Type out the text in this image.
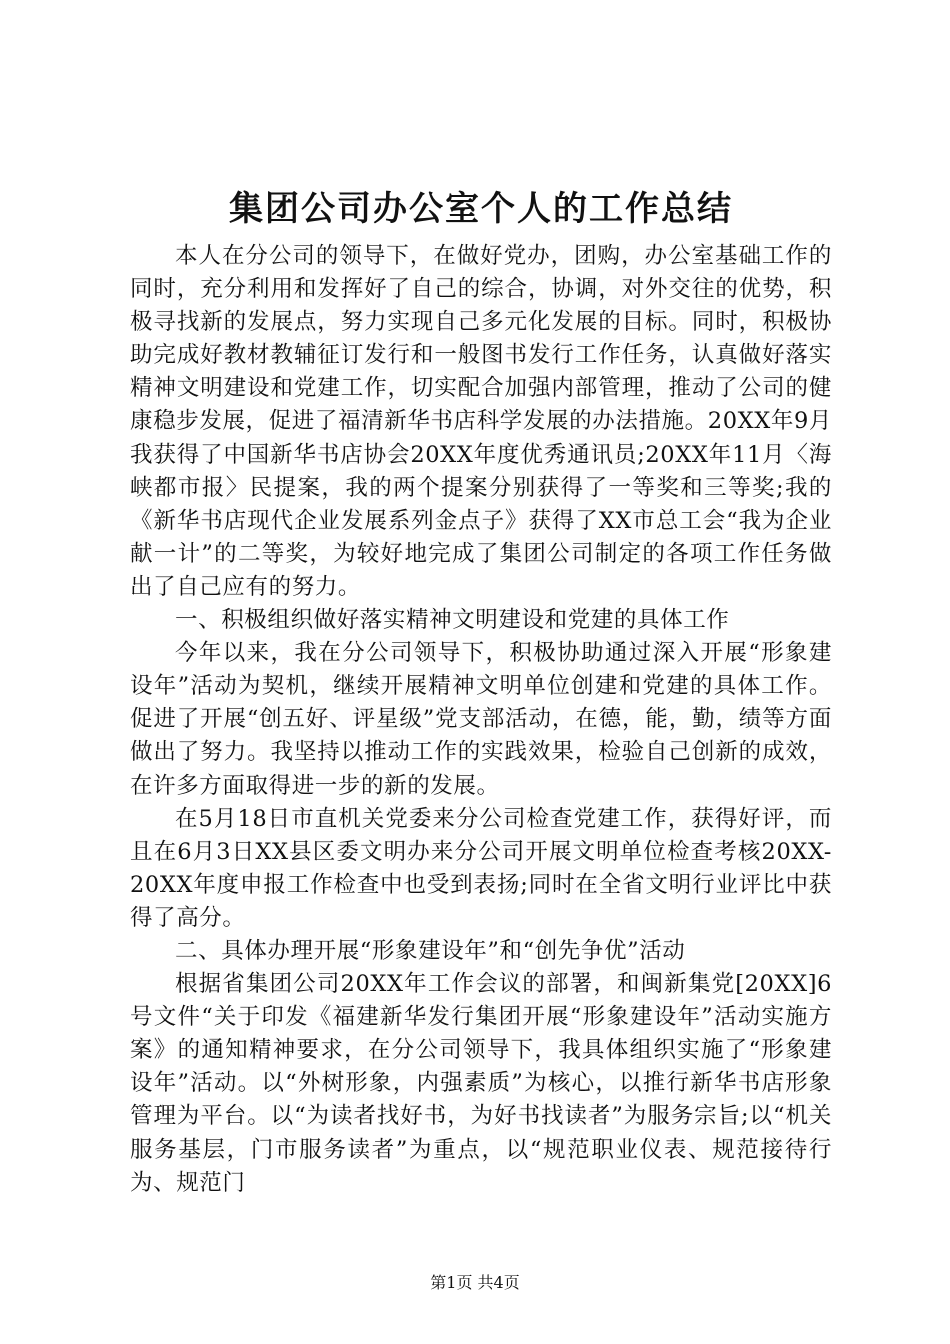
集团公司办公室个人的工作总结

本人在分公司的领导下，在做好党办，团购，办公室基础工作的同时，充分利用和发挥好了自己的综合，协调，对外交往的优势，积极寻找新的发展点，努力实现自己多元化发展的目标。同时，积极协助完成好教材教辅征订发行和一般图书发行工作任务，认真做好落实精神文明建设和党建工作，切实配合加强内部管理，推动了公司的健康稳步发展，促进了福清新华书店科学发展的办法措施。20XX年9月我获得了中国新华书店协会20XX年度优秀通讯员;20XX年11月〈海峡都市报〉民提案，我的两个提案分别获得了一等奖和三等奖;我的《新华书店现代企业发展系列金点子》获得了XX市总工会“我为企业献一计”的二等奖，为较好地完成了集团公司制定的各项工作任务做出了自己应有的努力。

一、积极组织做好落实精神文明建设和党建的具体工作

今年以来，我在分公司领导下，积极协助通过深入开展“形象建设年”活动为契机，继续开展精神文明单位创建和党建的具体工作。促进了开展“创五好、评星级”党支部活动，在德，能，勤，绩等方面做出了努力。我坚持以推动工作的实践效果，检验自己创新的成效，在许多方面取得进一步的新的发展。

在5月18日市直机关党委来分公司检查党建工作，获得好评，而且在6月3日XX县区委文明办来分公司开展文明单位检查考核20XX-20XX年度申报工作检查中也受到表扬;同时在全省文明行业评比中获得了高分。

二、具体办理开展“形象建设年”和“创先争优”活动

根据省集团公司20XX年工作会议的部署，和闽新集党[20XX]6号文件“关于印发《福建新华发行集团开展“形象建设年”活动实施方案》的通知精神要求，在分公司领导下，我具体组织实施了“形象建设年”活动。以“外树形象，内强素质”为核心，以推行新华书店形象管理为平台。以“为读者找好书，为好书找读者”为服务宗旨;以“机关服务基层，门市服务读者”为重点，以“规范职业仪表、规范接待行为、规范门

第1页 共4页
